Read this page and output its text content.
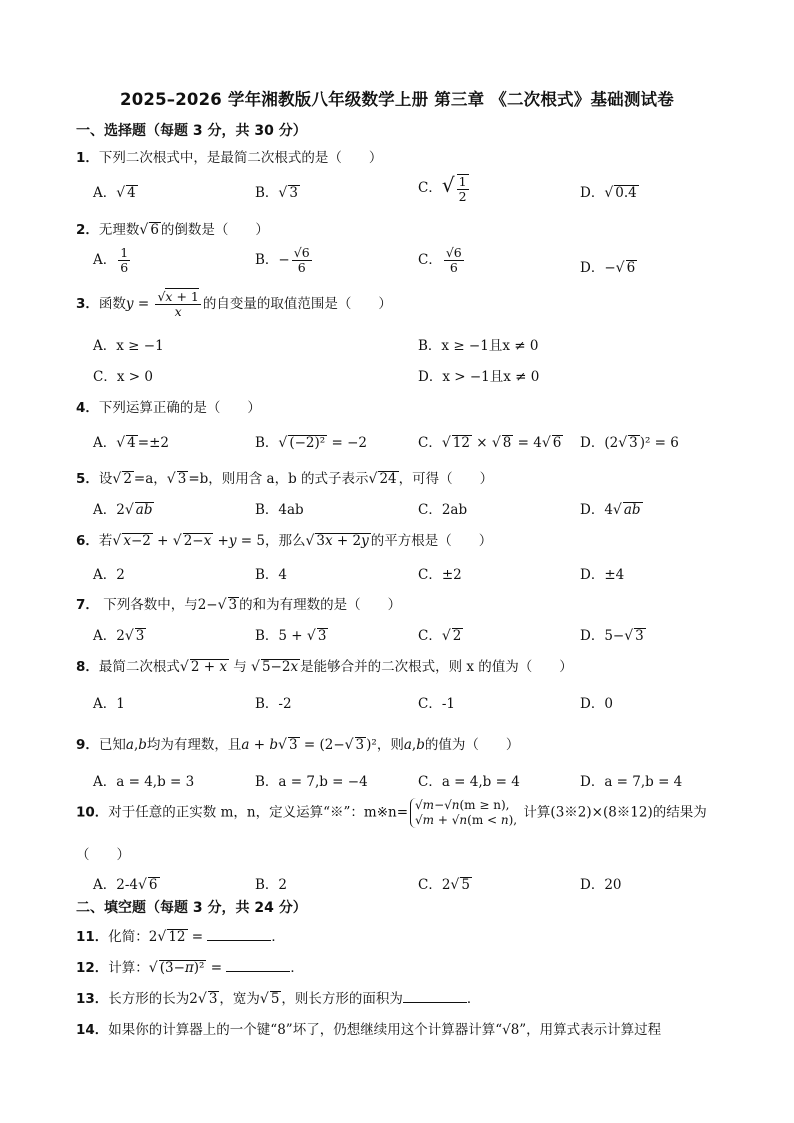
2025–2026 学年湘教版八年级数学上册 第三章 《二次根式》基础测试卷
一、选择题（每题 3 分，共 30 分）
1．下列二次根式中，是最简二次根式的是（　　）
A．√ 4	B．√ 3	C．√ $\frac{1}{2}$	D．√ 0.4
2．无理数√ 6 的倒数是（　　）
A． $\frac{1}{6}$	B．− $\frac{√6}{6}$	C． $\frac{√6}{6}$	D．−√ 6
3．函数$y = \frac{√x + 1}{x}$ 的自变量的取值范围是（　　）
A．x ≥ −1	B．x ≥ −1且x ≠ 0
C．x > 0	D．x > −1且x ≠ 0
4．下列运算正确的是（　　）
A．√ 4 =±2	B．√ (−2)² = −2	C．√ 12 × √ 8 = 4√ 6 D．(2√ 3 )² = 6
5．设√ 2 =a，√ 3 =b，则用含 a，b 的式子表示√ 24 ，可得（　　）
A．2√ ab	B．4ab	C．2ab	D．4√ ab
6．若√ x−2 + √ 2−x +y = 5，那么√ 3x + 2y 的平方根是（　　）
A．2	B．4	C．±2	D．±4
7． 下列各数中，与2−√ 3 的和为有理数的是（　　）
A．2√ 3	B．5 + √ 3	C．√ 2	D．5−√ 3
8．最简二次根式√ 2 + x 与 √ 5−2x 是能够合并的二次根式，则 x 的值为（　　）
A．1	B．-2	C．-1	D．0
9．已知a,b均为有理数，且a + b√ 3 = (2−√ 3 )²，则a,b的值为（　　）
A．a = 4,b = 3	B．a = 7,b = −4	C．a = 4,b = 4	D．a = 7,b = 4
10．对于任意的正实数 m，n，定义运算“※”：m※n= √m−√n(m ≥ n),
√m + √n(m < n), 计算(3※2)×(8※12)的结果为
（　　）
A．2-4√ 6	B．2	C．2√ 5	D．20
二、填空题（每题 3 分，共 24 分）
11．化简：2√ 12 =	．
12．计算：√ (3−π)² =	．
13．长方形的长为2√ 3 ，宽为√ 5 ，则长方形的面积为	．
14．如果你的计算器上的一个键“8”坏了，仍想继续用这个计算器计算“√8”，用算式表示计算过程
